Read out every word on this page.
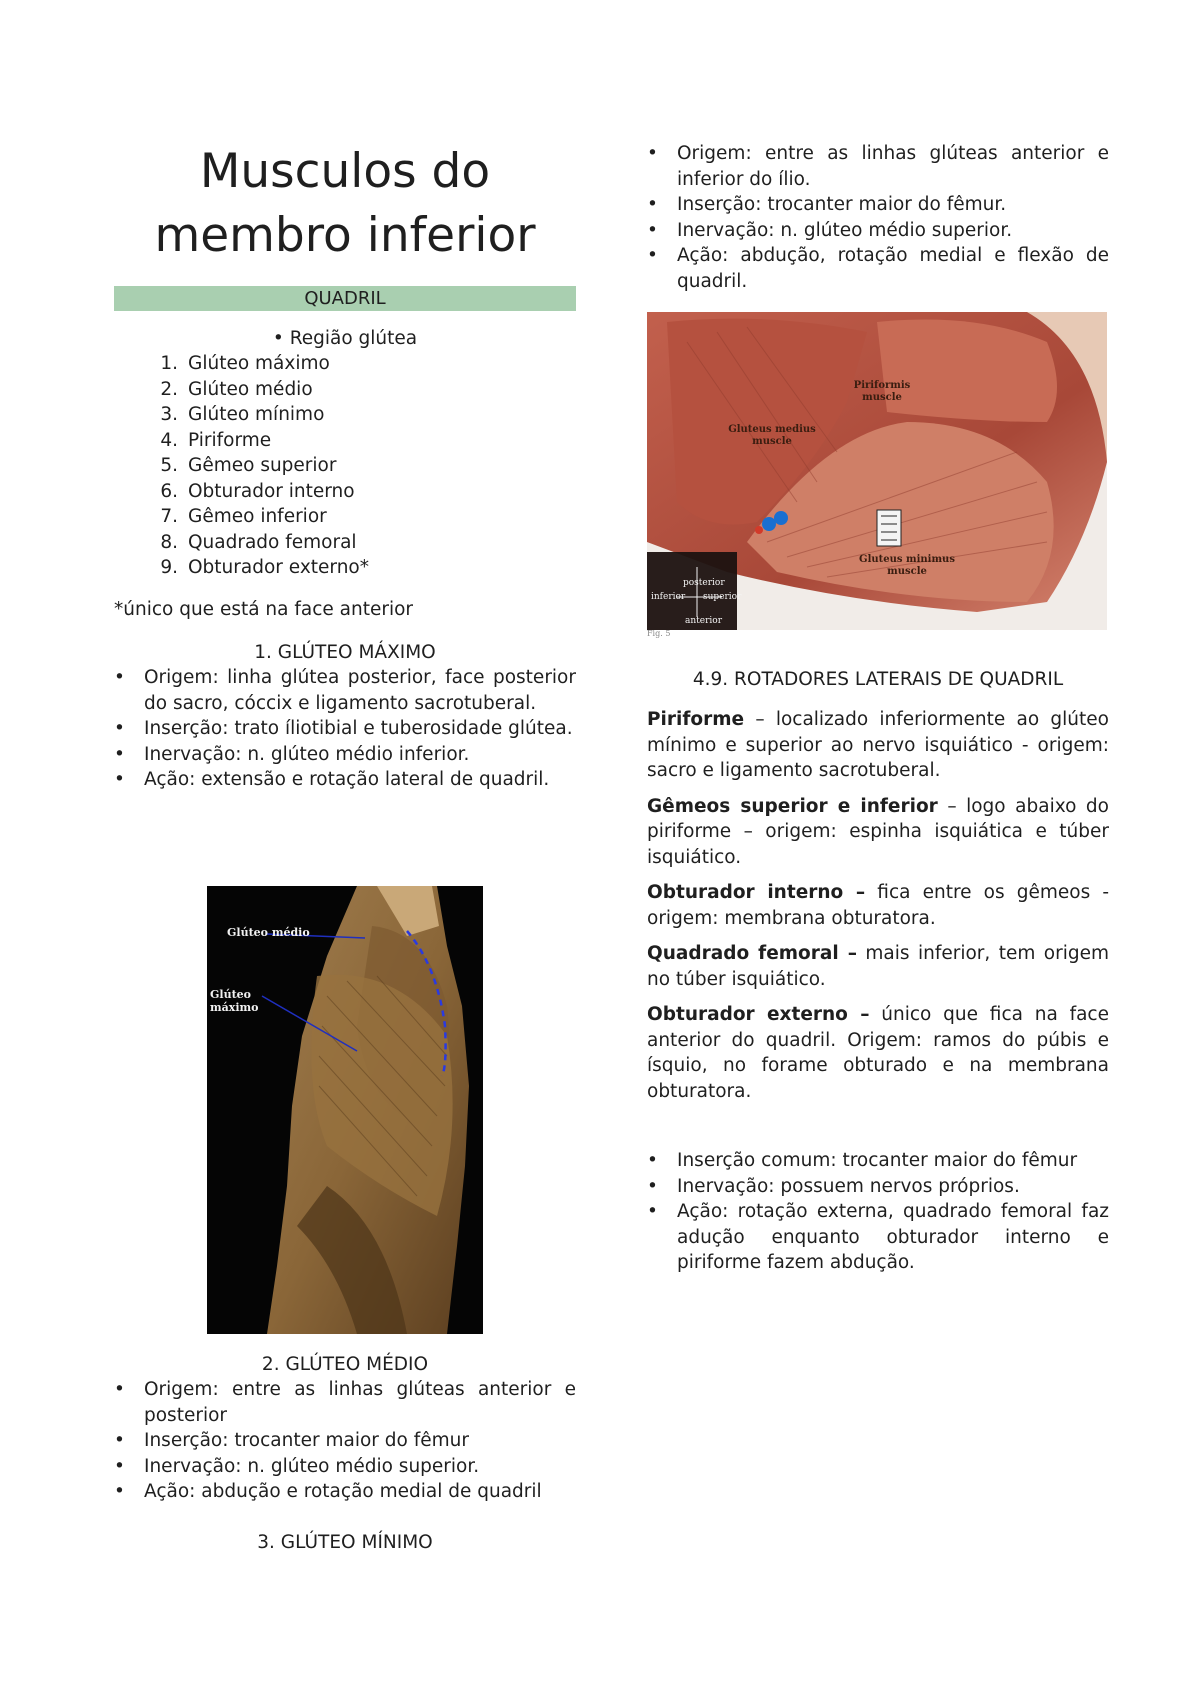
Musculos do membro inferior
QUADRIL
• Região glútea
1. Glúteo máximo
2. Glúteo médio
3. Glúteo mínimo
4. Piriforme
5. Gêmeo superior
6. Obturador interno
7. Gêmeo inferior
8. Quadrado femoral
9. Obturador externo*
*único que está na face anterior
1. GLÚTEO MÁXIMO
• Origem: linha glútea posterior, face posterior do sacro, cóccix e ligamento sacrotuberal.
• Inserção: trato íliotibial e tuberosidade glútea.
• Inervação: n. glúteo médio inferior.
• Ação: extensão e rotação lateral de quadril.
Glúteo médio
Glúteo máximo
2. GLÚTEO MÉDIO
• Origem: entre as linhas glúteas anterior e posterior
• Inserção: trocanter maior do fêmur
• Inervação: n. glúteo médio superior.
• Ação: abdução e rotação medial de quadril
3. GLÚTEO MÍNIMO
• Origem: entre as linhas glúteas anterior e inferior do ílio.
• Inserção: trocanter maior do fêmur.
• Inervação: n. glúteo médio superior.
• Ação: abdução, rotação medial e flexão de quadril.
Piriformis muscle
Gluteus medius muscle
Gluteus minimus muscle
posterior
inferior superior
anterior
Fig. 5
4.9. ROTADORES LATERAIS DE QUADRIL

Piriforme – localizado inferiormente ao glúteo mínimo e superior ao nervo isquiático - origem: sacro e ligamento sacrotuberal.

Gêmeos superior e inferior – logo abaixo do piriforme – origem: espinha isquiática e túber isquiático.

Obturador interno – fica entre os gêmeos - origem: membrana obturatora.

Quadrado femoral – mais inferior, tem origem no túber isquiático.

Obturador externo – único que fica na face anterior do quadril. Origem: ramos do púbis e ísquio, no forame obturado e na membrana obturatora.

• Inserção comum: trocanter maior do fêmur
• Inervação: possuem nervos próprios.
• Ação: rotação externa, quadrado femoral faz adução enquanto obturador interno e piriforme fazem abdução.
